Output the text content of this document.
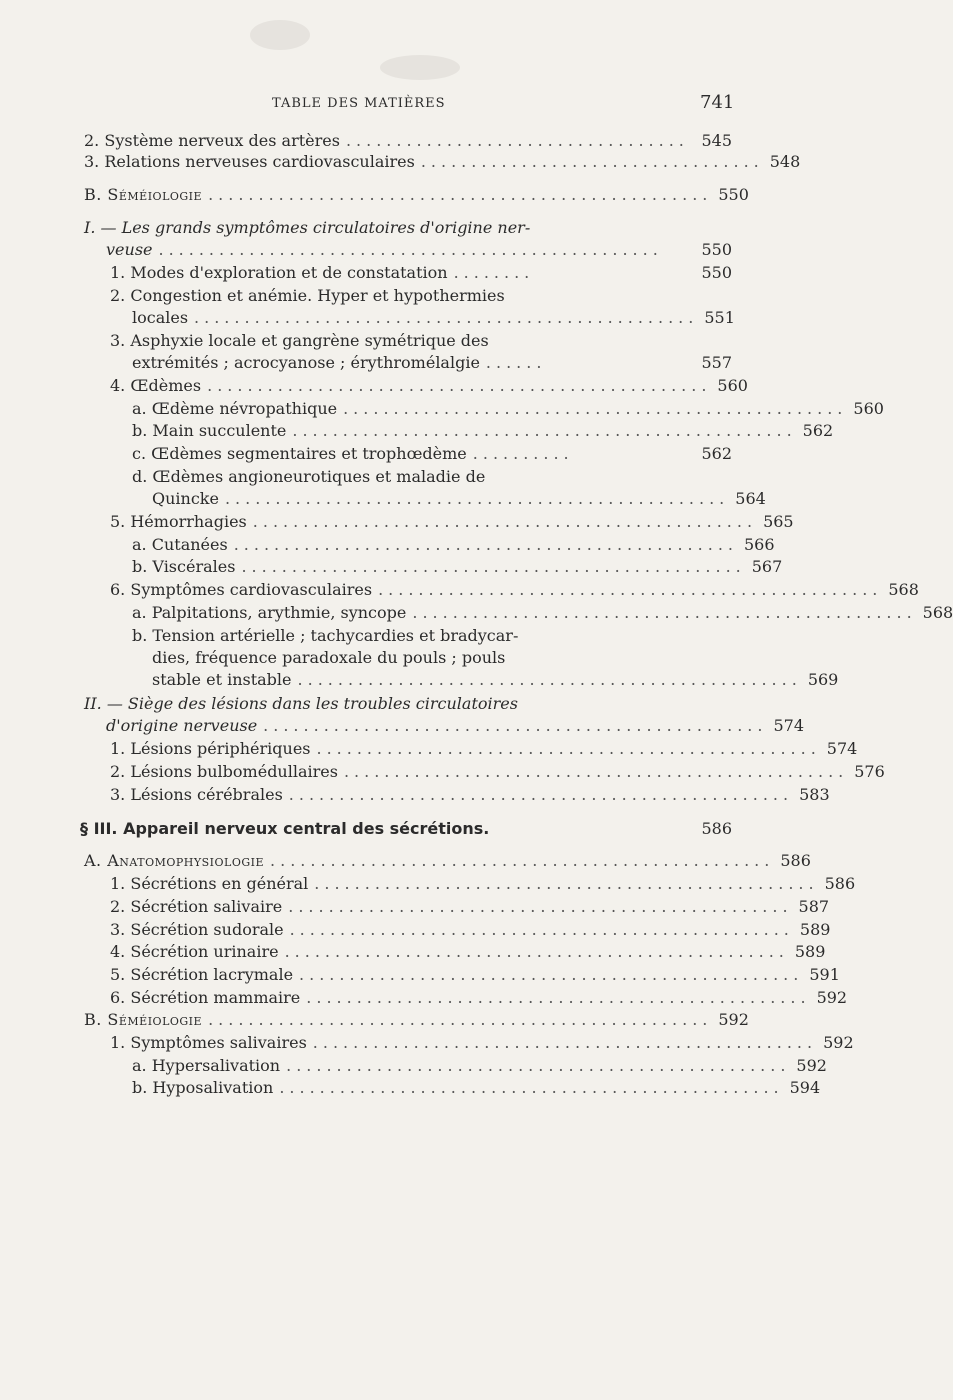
TABLE DES MATIÈRES	741
2. Système nerveux des artères .................................. 545
3. Relations nerveuses cardiovasculaires .................................. 548
B. Séméiologie .................................................. 550
I. — Les grands symptômes circulatoires d'origine ner-
veuse ..................................................	550
1. Modes d'exploration et de constatation ........	550
2. Congestion et anémie. Hyper et hypothermies
locales .................................................. 551
3. Asphyxie locale et gangrène symétrique des
extrémités ; acrocyanose ; érythromélalgie ......	557
4. Œdèmes .................................................. 560
a. Œdème névropathique .................................................. 560
b. Main succulente .................................................. 562
c. Œdèmes segmentaires et trophœdème ..........	562
d. Œdèmes angioneurotiques et maladie de
Quincke .................................................. 564
5. Hémorrhagies .................................................. 565
a. Cutanées .................................................. 566
b. Viscérales .................................................. 567
6. Symptômes cardiovasculaires .................................................. 568
a. Palpitations, arythmie, syncope .................................................. 568
b. Tension artérielle ; tachycardies et bradycar-
dies, fréquence paradoxale du pouls ; pouls
stable et instable .................................................. 569
II. — Siège des lésions dans les troubles circulatoires
d'origine nerveuse .................................................. 574
1. Lésions périphériques .................................................. 574
2. Lésions bulbomédullaires .................................................. 576
3. Lésions cérébrales .................................................. 583
§ III. Appareil nerveux central des sécrétions.	586
A. Anatomophysiologie .................................................. 586
1. Sécrétions en général .................................................. 586
2. Sécrétion salivaire .................................................. 587
3. Sécrétion sudorale .................................................. 589
4. Sécrétion urinaire .................................................. 589
5. Sécrétion lacrymale .................................................. 591
6. Sécrétion mammaire .................................................. 592
B. Séméiologie .................................................. 592
1. Symptômes salivaires .................................................. 592
a. Hypersalivation .................................................. 592
b. Hyposalivation .................................................. 594
